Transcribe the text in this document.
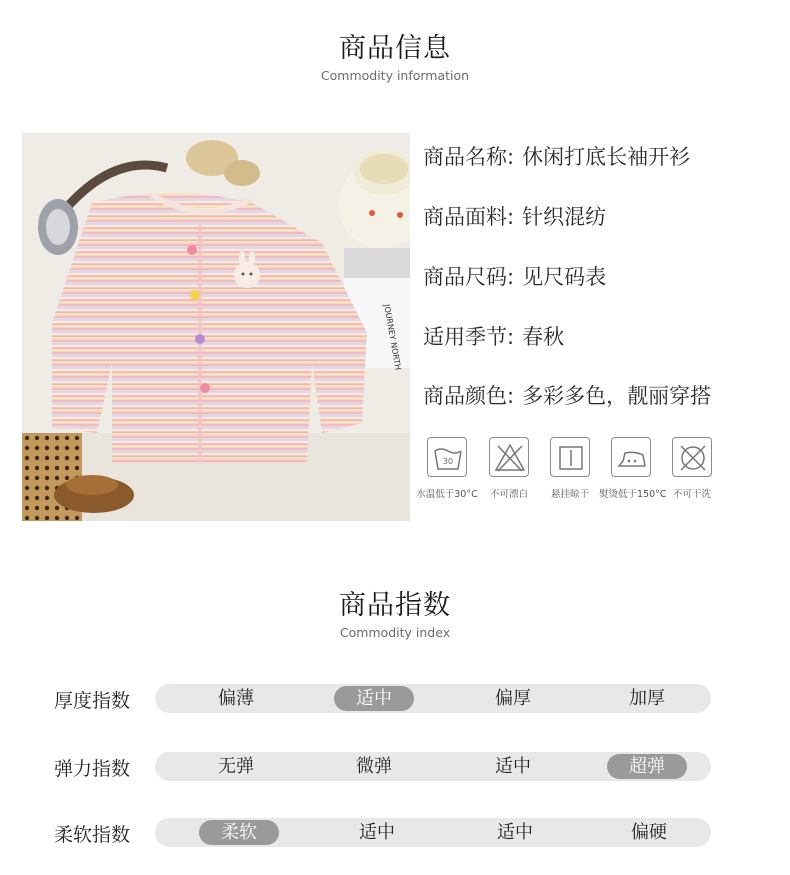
商品信息
Commodity information
JOURNEY NORTH
商品名称: 休闲打底长袖开衫
商品面料: 针织混纺
商品尺码: 见尺码表
适用季节: 春秋
商品颜色: 多彩多色，靓丽穿搭
30
水温低于30°C	不可漂白	悬挂晾干	熨烫低于150°C 不可干洗
商品指数
Commodity index
厚度指数	偏薄	适中	偏厚	加厚
弹力指数	无弹	微弹	适中	超弹
柔软指数	柔软	适中	适中	偏硬
